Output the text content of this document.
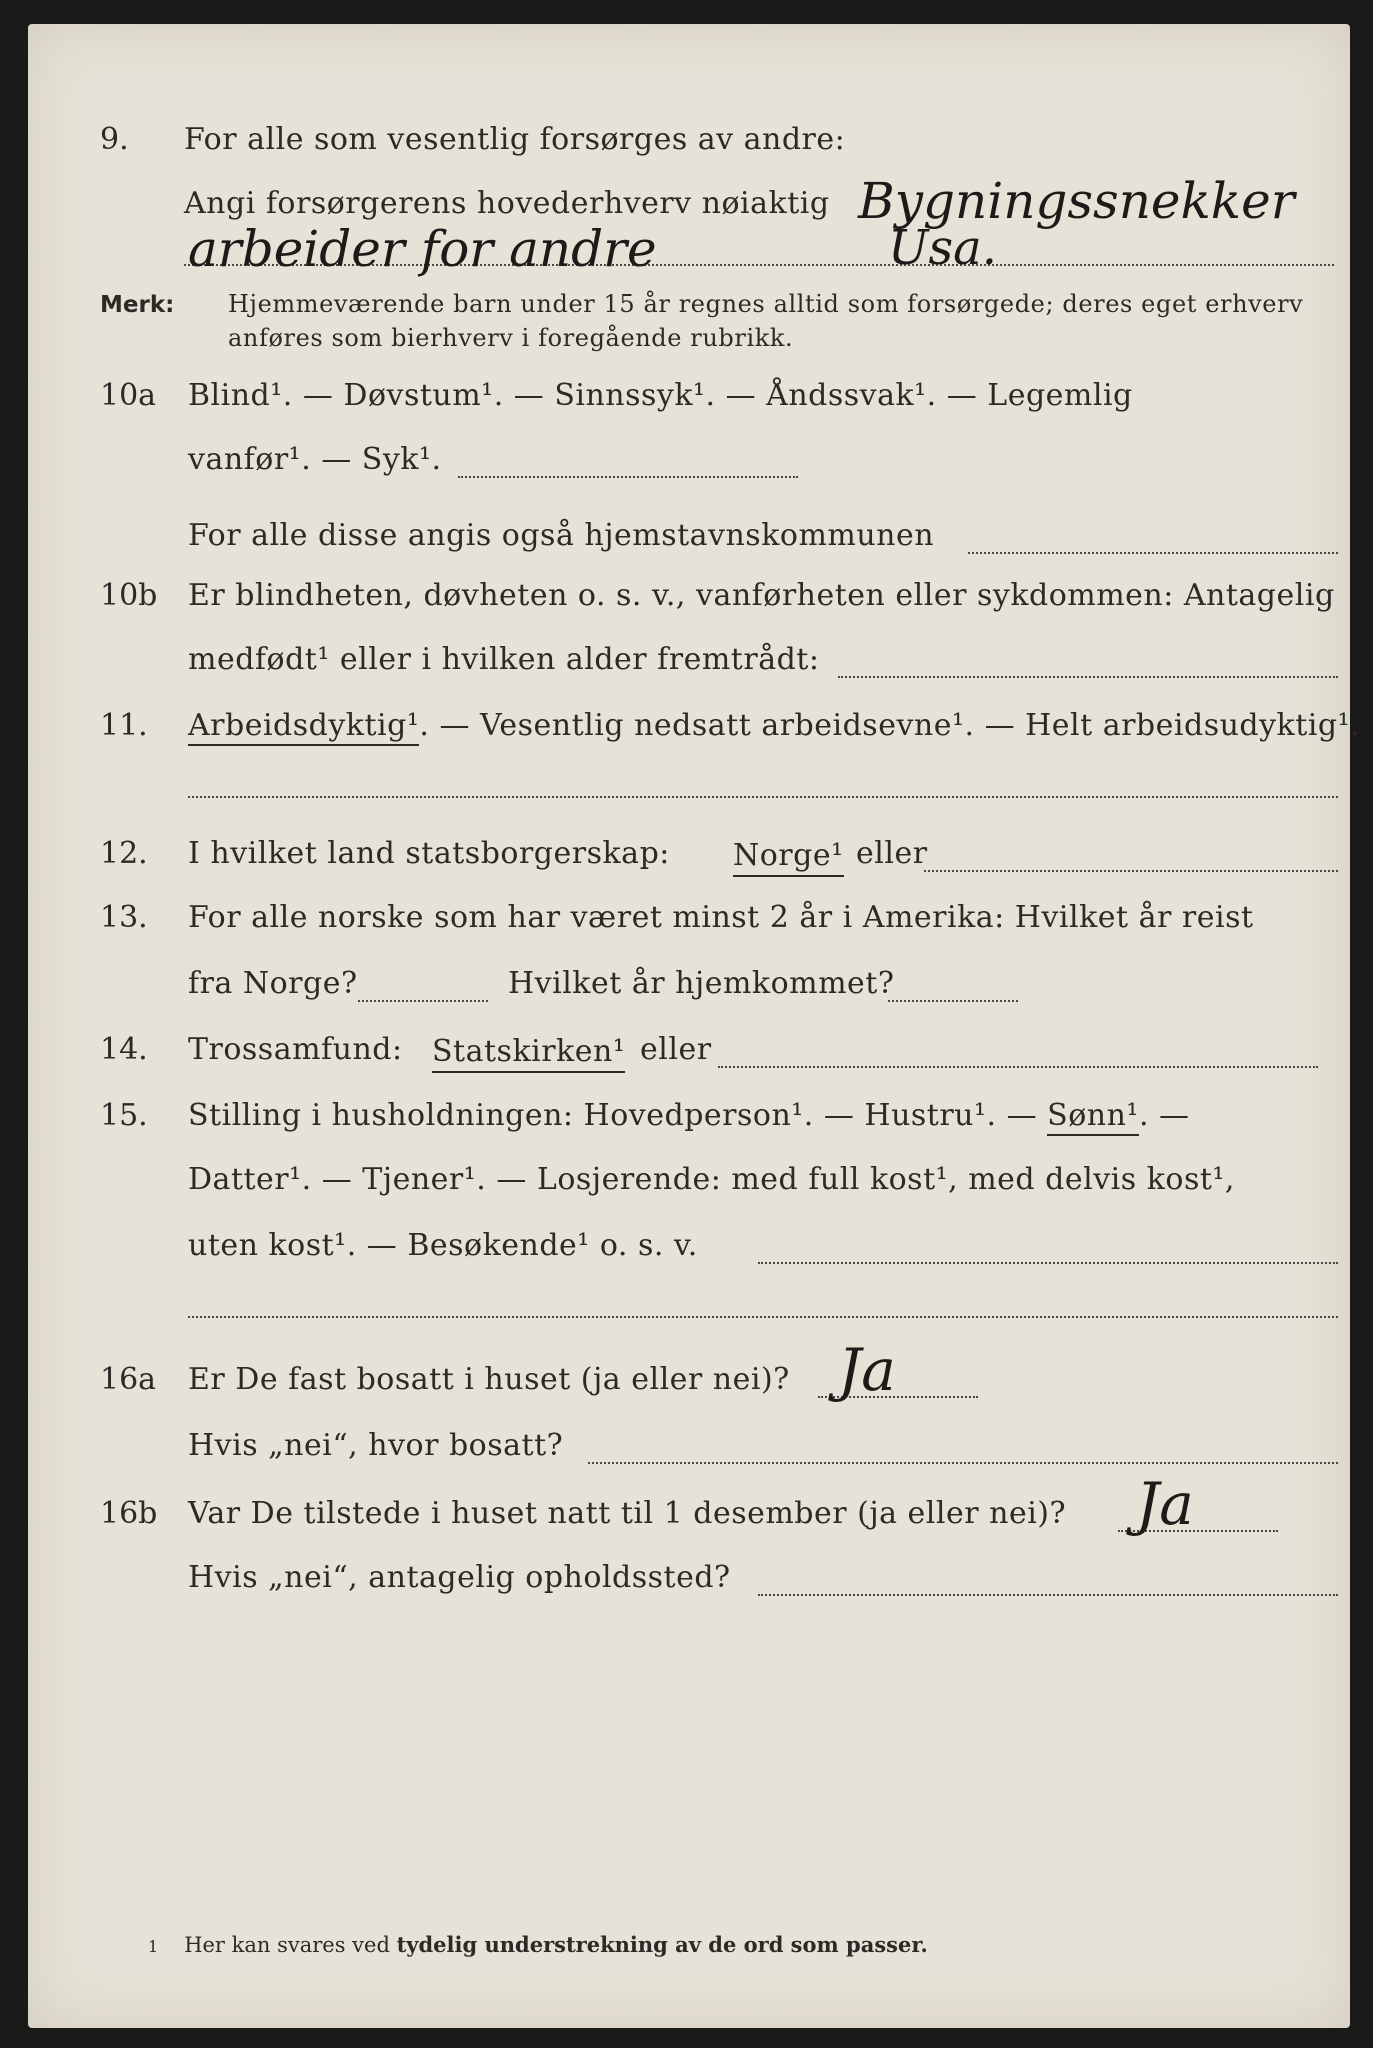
9. For alle som vesentlig forsørges av andre:
Angi forsørgerens hovederhverv nøiaktig Bygningssnekker
arbeider for andre	Usa.
Merk: Hjemmeværende barn under 15 år regnes alltid som forsørgede; deres eget erhverv
anføres som bierhverv i foregående rubrikk.
10a Blind¹. — Døvstum¹. — Sinnssyk¹. — Åndssvak¹. — Legemlig
vanfør¹. — Syk¹.
For alle disse angis også hjemstavnskommunen
10b Er blindheten, døvheten o. s. v., vanførheten eller sykdommen: Antagelig
medfødt¹ eller i hvilken alder fremtrådt:
11. Arbeidsdyktig¹. — Vesentlig nedsatt arbeidsevne¹. — Helt arbeidsudyktig¹.
12. I hvilket land statsborgerskap: Norge¹ eller
13. For alle norske som har været minst 2 år i Amerika: Hvilket år reist
fra Norge?	Hvilket år hjemkommet?
14. Trossamfund: Statskirken¹ eller
15. Stilling i husholdningen: Hovedperson¹. — Hustru¹. — Sønn¹. —
Datter¹. — Tjener¹. — Losjerende: med full kost¹, med delvis kost¹,
uten kost¹. — Besøkende¹ o. s. v.
16a Er De fast bosatt i huset (ja eller nei)? Ja
Hvis „nei“, hvor bosatt?
16b Var De tilstede i huset natt til 1 desember (ja eller nei)? Ja
Hvis „nei“, antagelig opholdssted?
1 Her kan svares ved tydelig understrekning av de ord som passer.
